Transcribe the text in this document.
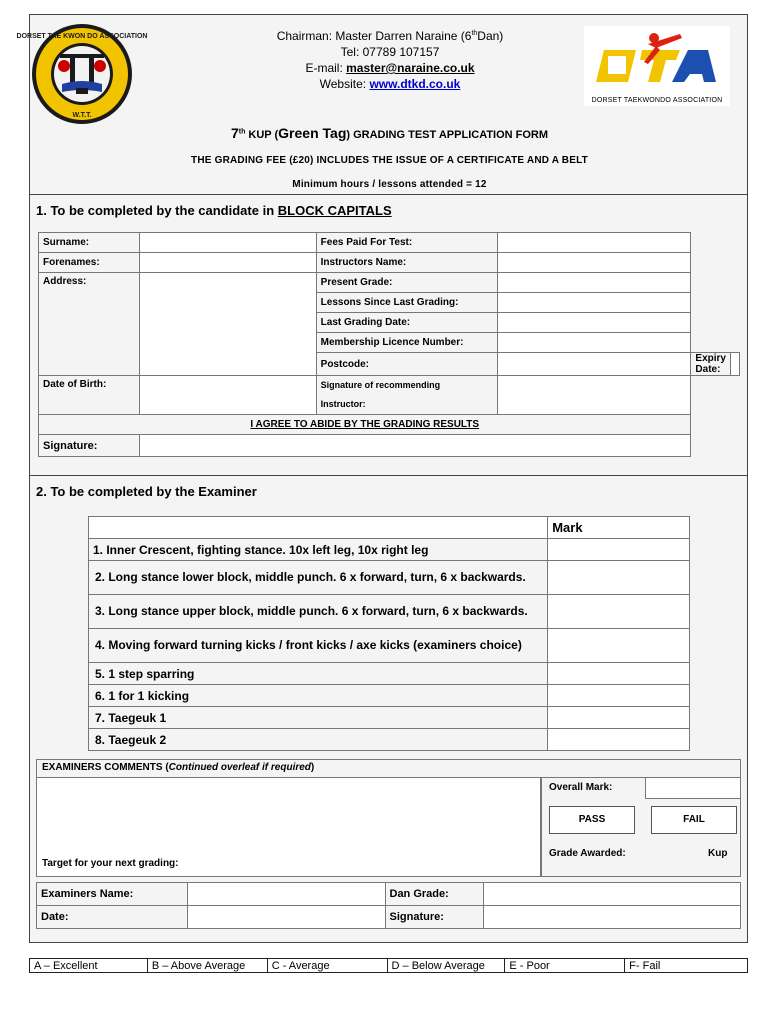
DORSET TAE KWON DO ASSOCIATION
W.T.T.
Chairman: Master Darren Naraine (6thDan)
Tel: 07789 107157
E-mail: master@naraine.co.uk
Website: www.dtkd.co.uk
DORSET TAEKWONDO ASSOCIATION
7th KUP (Green Tag) GRADING TEST APPLICATION FORM
THE GRADING FEE (£20) INCLUDES THE ISSUE OF A CERTIFICATE AND A BELT
Minimum hours / lessons attended = 12
1. To be completed by the candidate in BLOCK CAPITALS
Surname:		Fees Paid For Test:			
Forenames:		Instructors Name:			
Address:		Present Grade:			
		Lessons Since Last Grading:			
		Last Grading Date:			
		Membership Licence Number:			
		Postcode:		Expiry Date:	
Date of Birth:		Signature of recommending
Instructor:			

I AGREE TO ABIDE BY THE GRADING RESULTS					
Signature:					
2. To be completed by the Examiner
	Mark
1. Inner Crescent, fighting stance. 10x left leg, 10x right leg	
2. Long stance lower block, middle punch. 6 x forward, turn, 6 x backwards.	
3. Long stance upper block, middle punch. 6 x forward, turn, 6 x backwards.	
4. Moving forward turning kicks / front kicks / axe kicks (examiners choice)	
5. 1 step sparring	
6. 1 for 1 kicking	
7. Taegeuk 1	
8. Taegeuk 2	
EXAMINERS COMMENTS (Continued overleaf if required)
Target for your next grading:
Overall Mark:
PASS	FAIL
Grade Awarded:	Kup
Examiners Name:		Dan Grade:	
Date:		Signature:	
A – Excellent	B – Above Average	C - Average	D – Below Average	E - Poor	F- Fail
